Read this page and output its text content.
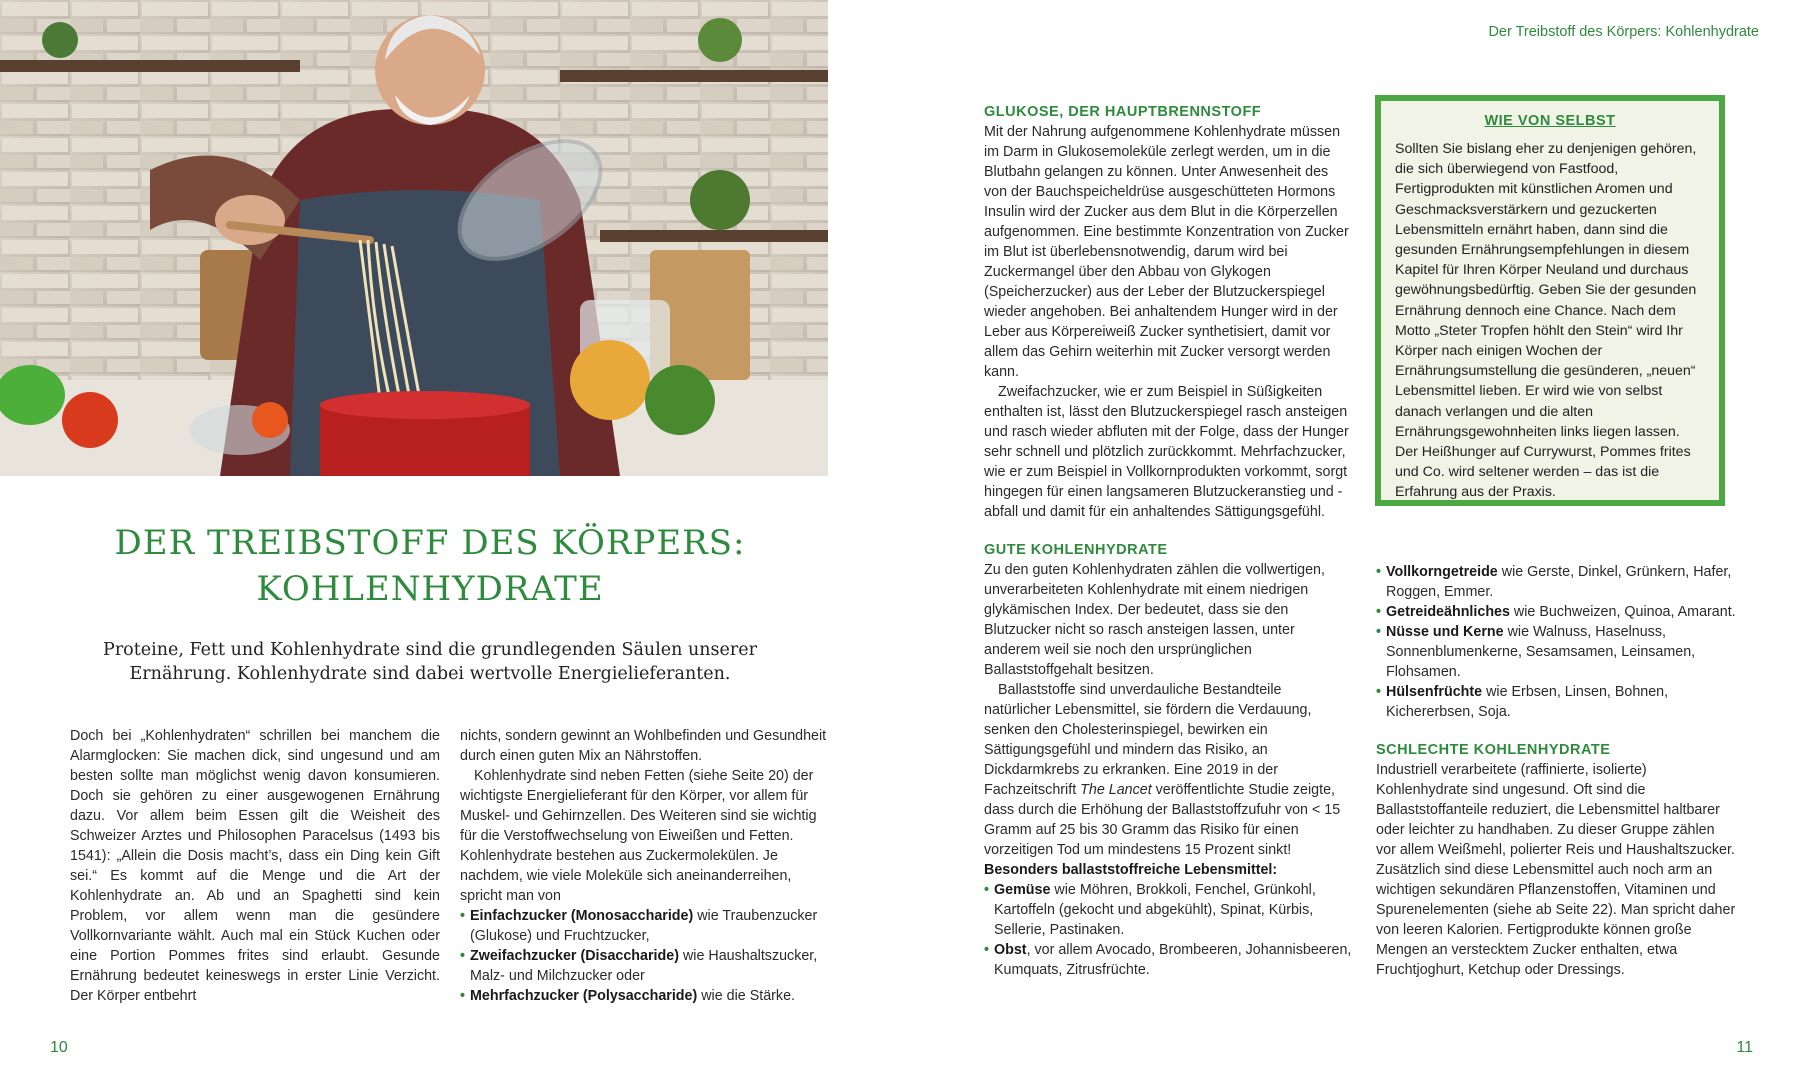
DER TREIBSTOFF DES KÖRPERS:
KOHLENHYDRATE
Proteine, Fett und Kohlenhydrate sind die grundlegenden Säulen unserer Ernährung. Kohlenhydrate sind dabei wertvolle Energielieferanten.

Doch bei „Kohlenhydraten“ schrillen bei manchem die Alarmglocken: Sie machen dick, sind ungesund und am besten sollte man möglichst wenig davon konsumieren. Doch sie gehören zu einer ausgewogenen Ernährung dazu. Vor allem beim Essen gilt die Weisheit des Schweizer Arztes und Philosophen Paracelsus (1493 bis 1541): „Allein die Dosis macht’s, dass ein Ding kein Gift sei.“ Es kommt auf die Menge und die Art der Kohlenhydrate an. Ab und an Spaghetti sind kein Problem, vor allem wenn man die gesündere Vollkornvariante wählt. Auch mal ein Stück Kuchen oder eine Portion Pommes frites sind erlaubt. Gesunde Ernährung bedeutet keineswegs in erster Linie Verzicht. Der Körper entbehrt

nichts, sondern gewinnt an Wohlbefinden und Gesundheit durch einen guten Mix an Nährstoffen.

Kohlenhydrate sind neben Fetten (siehe Seite 20) der wichtigste Energielieferant für den Körper, vor allem für Muskel- und Gehirnzellen. Des Weiteren sind sie wichtig für die Verstoffwechselung von Eiweißen und Fetten. Kohlenhydrate bestehen aus Zuckermolekülen. Je nachdem, wie viele Moleküle sich aneinanderreihen, spricht man von

• Einfachzucker (Monosaccharide) wie Traubenzucker (Glukose) und Fruchtzucker,
• Zweifachzucker (Disaccharide) wie Haushaltszucker, Malz- und Milchzucker oder
• Mehrfachzucker (Polysaccharide) wie die Stärke.
10
Der Treibstoff des Körpers: Kohlenhydrate
GLUKOSE, DER HAUPTBRENNSTOFF

Mit der Nahrung aufgenommene Kohlenhydrate müssen im Darm in Glukosemoleküle zerlegt werden, um in die Blutbahn gelangen zu können. Unter Anwesenheit des von der Bauchspeicheldrüse ausgeschütteten Hormons Insulin wird der Zucker aus dem Blut in die Körperzellen aufgenommen. Eine bestimmte Konzentration von Zucker im Blut ist überlebensnotwendig, darum wird bei Zuckermangel über den Abbau von Glykogen (Speicherzucker) aus der Leber der Blutzuckerspiegel wieder angehoben. Bei anhaltendem Hunger wird in der Leber aus Körpereiweiß Zucker synthetisiert, damit vor allem das Gehirn weiterhin mit Zucker versorgt werden kann.

Zweifachzucker, wie er zum Beispiel in Süßigkeiten enthalten ist, lässt den Blutzuckerspiegel rasch ansteigen und rasch wieder abfluten mit der Folge, dass der Hunger sehr schnell und plötzlich zurückkommt. Mehrfachzucker, wie er zum Beispiel in Vollkornprodukten vorkommt, sorgt hingegen für einen langsameren Blutzuckeranstieg und -abfall und damit für ein anhaltendes Sättigungsgefühl.

GUTE KOHLENHYDRATE

Zu den guten Kohlenhydraten zählen die vollwertigen, unverarbeiteten Kohlenhydrate mit einem niedrigen glykämischen Index. Der bedeutet, dass sie den Blutzucker nicht so rasch ansteigen lassen, unter anderem weil sie noch den ursprünglichen Ballaststoffgehalt besitzen.

Ballaststoffe sind unverdauliche Bestandteile natürlicher Lebensmittel, sie fördern die Verdauung, senken den Cholesterinspiegel, bewirken ein Sättigungsgefühl und mindern das Risiko, an Dickdarmkrebs zu erkranken. Eine 2019 in der Fachzeitschrift The Lancet veröffentlichte Studie zeigte, dass durch die Erhöhung der Ballaststoffzufuhr von < 15 Gramm auf 25 bis 30 Gramm das Risiko für einen vorzeitigen Tod um mindestens 15 Prozent sinkt!

Besonders ballaststoffreiche Lebensmittel:

• Gemüse wie Möhren, Brokkoli, Fenchel, Grünkohl, Kartoffeln (gekocht und abgekühlt), Spinat, Kürbis, Sellerie, Pastinaken.
• Obst, vor allem Avocado, Brombeeren, Johannisbeeren, Kumquats, Zitrusfrüchte.
WIE VON SELBST

Sollten Sie bislang eher zu denjenigen gehören, die sich überwiegend von Fastfood, Fertigprodukten mit künstlichen Aromen und Geschmacksverstärkern und gezuckerten Lebensmitteln ernährt haben, dann sind die gesunden Ernährungsempfehlungen in diesem Kapitel für Ihren Körper Neuland und durchaus gewöhnungsbedürftig. Geben Sie der gesunden Ernährung dennoch eine Chance. Nach dem Motto „Steter Tropfen höhlt den Stein“ wird Ihr Körper nach einigen Wochen der Ernährungsumstellung die gesünderen, „neuen“ Lebensmittel lieben. Er wird wie von selbst danach verlangen und die alten Ernährungsgewohnheiten links liegen lassen. Der Heißhunger auf Currywurst, Pommes frites und Co. wird seltener werden – das ist die Erfahrung aus der Praxis.

• Vollkorngetreide wie Gerste, Dinkel, Grünkern, Hafer, Roggen, Emmer.
• Getreideähnliches wie Buchweizen, Quinoa, Amarant.
• Nüsse und Kerne wie Walnuss, Haselnuss, Sonnenblumenkerne, Sesamsamen, Leinsamen, Flohsamen.
• Hülsenfrüchte wie Erbsen, Linsen, Bohnen, Kichererbsen, Soja.
SCHLECHTE KOHLENHYDRATE

Industriell verarbeitete (raffinierte, isolierte) Kohlenhydrate sind ungesund. Oft sind die Ballaststoffanteile reduziert, die Lebensmittel haltbarer oder leichter zu handhaben. Zu dieser Gruppe zählen vor allem Weißmehl, polierter Reis und Haushaltszucker. Zusätzlich sind diese Lebensmittel auch noch arm an wichtigen sekundären Pflanzenstoffen, Vitaminen und Spurenelementen (siehe ab Seite 22). Man spricht daher von leeren Kalorien. Fertigprodukte können große Mengen an verstecktem Zucker enthalten, etwa Fruchtjoghurt, Ketchup oder Dressings.

11
